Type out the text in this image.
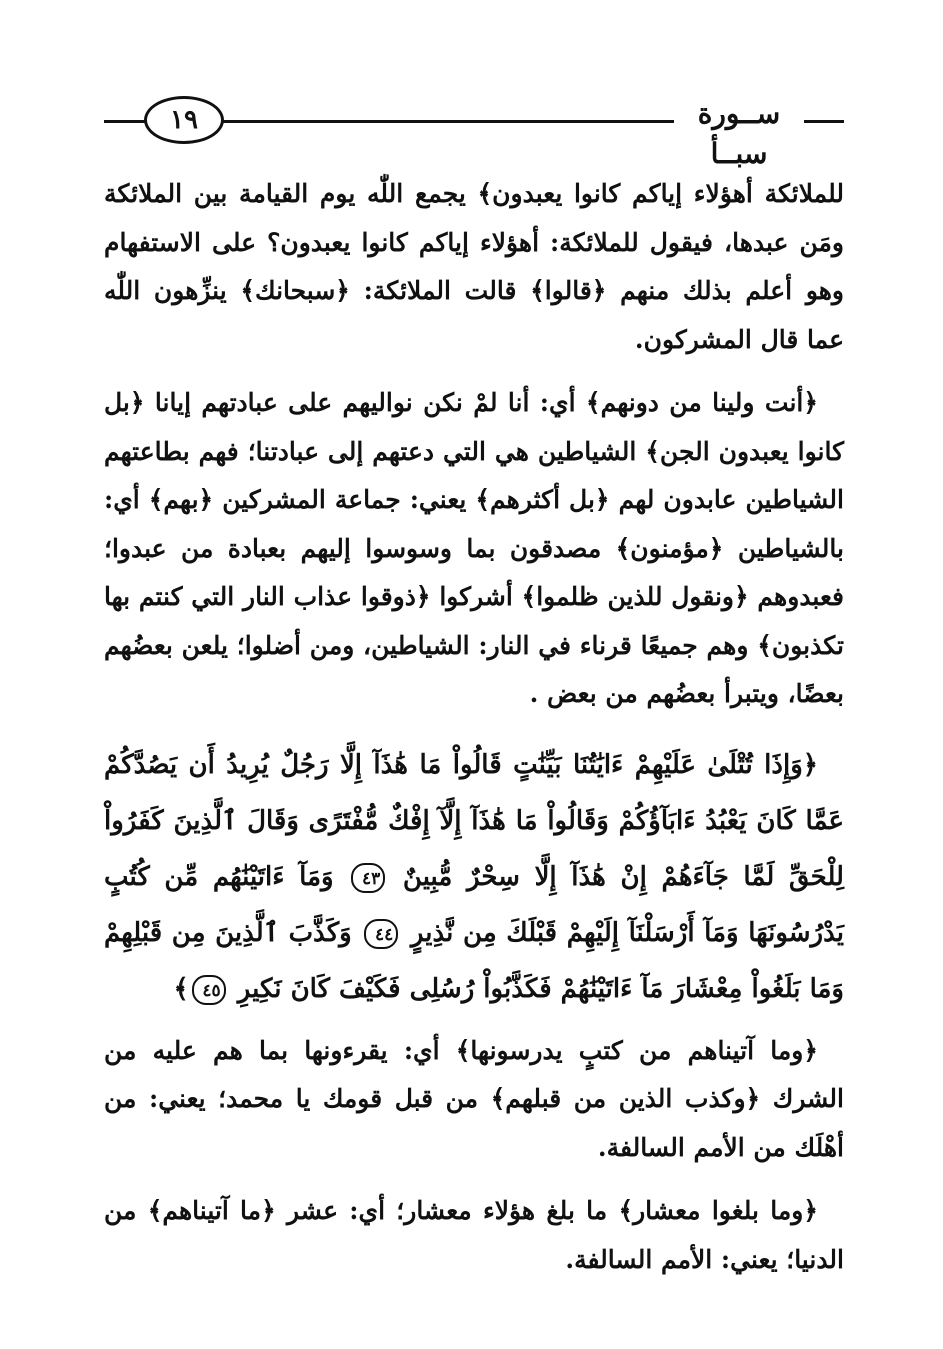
١٩	ســورة سبــأ

للملائكة أهؤلاء إياكم كانوا يعبدون﴾ يجمع اللّٰه يوم القيامة بين الملائكة ومَن عبدها، فيقول للملائكة: أهؤلاء إياكم كانوا يعبدون؟ على الاستفهام وهو أعلم بذلك منهم ﴿قالوا﴾ قالت الملائكة: ﴿سبحانك﴾ ينزِّهون اللّٰه عما قال المشركون.

﴿أنت ولينا من دونهم﴾ أي: أنا لمْ نكن نواليهم على عبادتهم إيانا ﴿بل كانوا يعبدون الجن﴾ الشياطين هي التي دعتهم إلى عبادتنا؛ فهم بطاعتهم الشياطين عابدون لهم ﴿بل أكثرهم﴾ يعني: جماعة المشركين ﴿بهم﴾ أي: بالشياطين ﴿مؤمنون﴾ مصدقون بما وسوسوا إليهم بعبادة من عبدوا؛ فعبدوهم ﴿ونقول للذين ظلموا﴾ أشركوا ﴿ذوقوا عذاب النار التي كنتم بها تكذبون﴾ وهم جميعًا قرناء في النار: الشياطين، ومن أضلوا؛ يلعن بعضُهم بعضًا، ويتبرأ بعضُهم من بعض .

﴿وَإِذَا تُتْلَىٰ عَلَيْهِمْ ءَايَٰتُنَا بَيِّنَٰتٍ قَالُواْ مَا هَٰذَآ إِلَّا رَجُلٌ يُرِيدُ أَن يَصُدَّكُمْ عَمَّا كَانَ يَعْبُدُ ءَابَآؤُكُمْ وَقَالُواْ مَا هَٰذَآ إِلَّآ إِفْكٌ مُّفْتَرًى وَقَالَ ٱلَّذِينَ كَفَرُواْ لِلْحَقِّ لَمَّا جَآءَهُمْ إِنْ هَٰذَآ إِلَّا سِحْرٌ مُّبِينٌ ٤٣ وَمَآ ءَاتَيْنَٰهُم مِّن كُتُبٍ يَدْرُسُونَهَا وَمَآ أَرْسَلْنَآ إِلَيْهِمْ قَبْلَكَ مِن نَّذِيرٍ ٤٤ وَكَذَّبَ ٱلَّذِينَ مِن قَبْلِهِمْ وَمَا بَلَغُواْ مِعْشَارَ مَآ ءَاتَيْنَٰهُمْ فَكَذَّبُواْ رُسُلِى فَكَيْفَ كَانَ نَكِيرِ ٤٥﴾

﴿وما آتيناهم من كتبٍ يدرسونها﴾ أي: يقرءونها بما هم عليه من الشرك ﴿وكذب الذين من قبلهم﴾ من قبل قومك يا محمد؛ يعني: من أهْلَك من الأمم السالفة.

﴿وما بلغوا معشار﴾ ما بلغ هؤلاء معشار؛ أي: عشر ﴿ما آتيناهم﴾ من الدنيا؛ يعني: الأمم السالفة.
